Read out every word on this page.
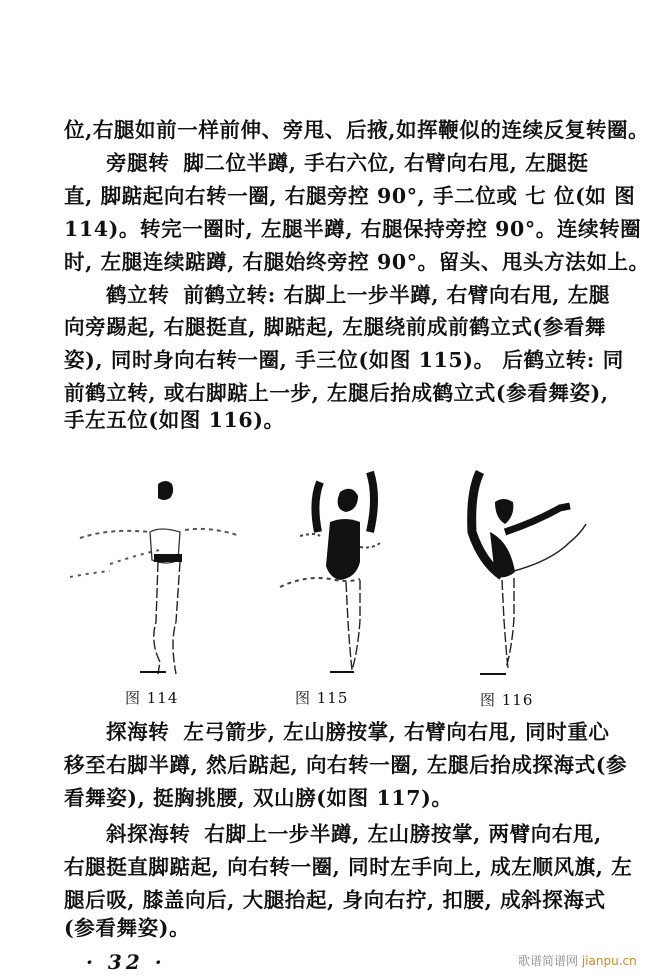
位,右腿如前一样前伸、旁甩、后掖,如挥鞭似的连续反复转圈。
旁腿转 脚二位半蹲, 手右六位, 右臂向右甩, 左腿挺
直, 脚踮起向右转一圈, 右腿旁控 90°, 手二位或 七 位(如 图
114)。转完一圈时, 左腿半蹲, 右腿保持旁控 90°。连续转圈
时, 左腿连续踮蹲, 右腿始终旁控 90°。留头、甩头方法如上。
鹤立转 前鹤立转: 右脚上一步半蹲, 右臂向右甩, 左腿
向旁踢起, 右腿挺直, 脚踮起, 左腿绕前成前鹤立式(参看舞
姿), 同时身向右转一圈, 手三位(如图 115)。 后鹤立转: 同
前鹤立转, 或右脚踮上一步, 左腿后抬成鹤立式(参看舞姿),
手左五位(如图 116)。
图 114	图 115	图 116
探海转 左弓箭步, 左山膀按掌, 右臂向右甩, 同时重心
移至右脚半蹲, 然后踮起, 向右转一圈, 左腿后抬成探海式(参
看舞姿), 挺胸挑腰, 双山膀(如图 117)。
斜探海转 右脚上一步半蹲, 左山膀按掌, 两臂向右甩,
右腿挺直脚踮起, 向右转一圈, 同时左手向上, 成左顺风旗, 左
腿后吸, 膝盖向后, 大腿抬起, 身向右拧, 扣腰, 成斜探海式
(参看舞姿)。
· 32 ·	歌谱简谱网 jianpu.cn
